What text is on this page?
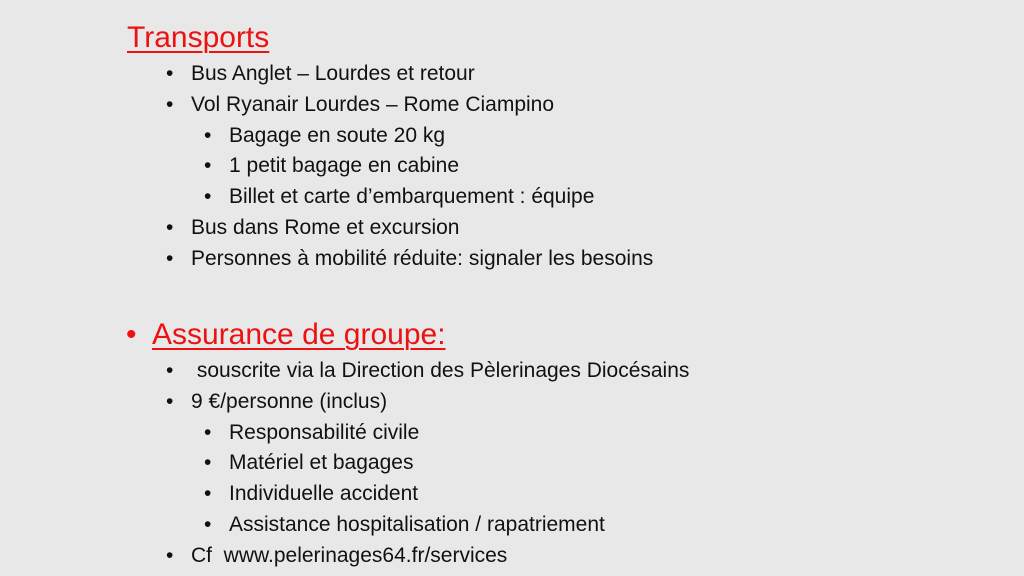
Transports
• Bus Anglet – Lourdes et retour
• Vol Ryanair Lourdes – Rome Ciampino
• Bagage en soute 20 kg
• 1 petit bagage en cabine
• Billet et carte d’embarquement : équipe
• Bus dans Rome et excursion
• Personnes à mobilité réduite: signaler les besoins
• Assurance de groupe:
• souscrite via la Direction des Pèlerinages Diocésains
• 9 €/personne (inclus)
• Responsabilité civile
• Matériel et bagages
• Individuelle accident
• Assistance hospitalisation / rapatriement
• Cf  www.pelerinages64.fr/services
